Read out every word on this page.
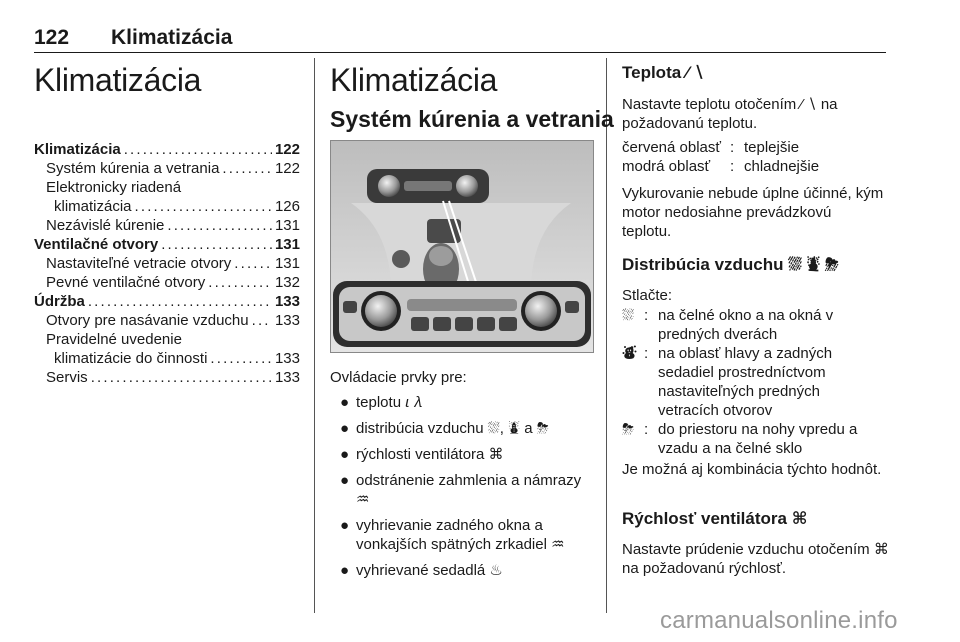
122 Klimatizácia
Klimatizácia
Klimatizácia . . .	122
Systém kúrenia a vetrania . . .	122
Elektronicky riadená
klimatizácia . . .	126
Nezávislé kúrenie . . .	131
Ventilačné otvory . . .	131
Nastaviteľné vetracie otvory . . .	131
Pevné ventilačné otvory . . .	132
Údržba . . .	133
Otvory pre nasávanie vzduchu . . . 133
Pravidelné uvedenie
klimatizácie do činnosti . . .	133
Servis . . .	133
Klimatizácia
Systém kúrenia a vetrania

Ovládacie prvky pre:

● teplotu 𝜄 𝜆
● distribúcia vzduchu ⛆, ⛇ a ⛈
● rýchlosti ventilátora ⌘
● odstránenie zahmlenia a námrazy ♒
● vyhrievanie zadného okna a vonkajších spätných zrkadiel ♒
● vyhrievané sedadlá ♨
Teplota ⁄ ∖

Nastavte teplotu otočením ⁄ ∖ na požadovanú teplotu.

červená oblasť	:	teplejšie
modrá oblasť	:	chladnejšie

Vykurovanie nebude úplne účinné, kým motor nedosiahne prevádzkovú teplotu.

Distribúcia vzduchu ⛆ ⛇ ⛈

Stlačte:

⛆	:	na čelné okno a na okná v predných dverách
⛇	:	na oblasť hlavy a zadných sedadiel prostredníctvom nastaviteľných predných vetracích otvorov
⛈	:	do priestoru na nohy vpredu a vzadu a na čelné sklo

Je možná aj kombinácia týchto hodnôt.

Rýchlosť ventilátora ⌘

Nastavte prúdenie vzduchu otočením ⌘ na požadovanú rýchlosť.

carmanualsonline.info
